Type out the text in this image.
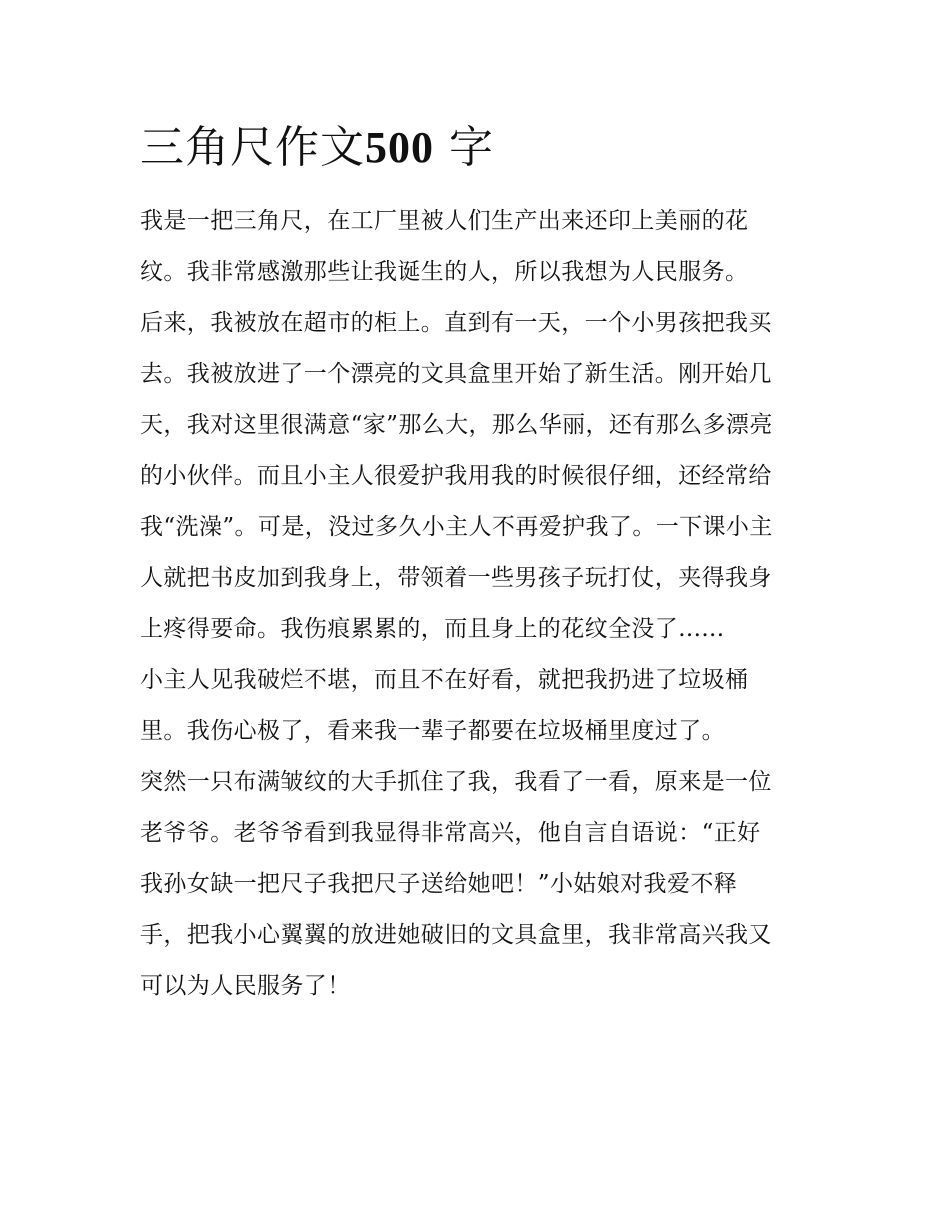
三角尺作文500 字
我是一把三角尺，在工厂里被人们生产出来还印上美丽的花
纹。我非常感激那些让我诞生的人，所以我想为人民服务。
后来，我被放在超市的柜上。直到有一天，一个小男孩把我买
去。我被放进了一个漂亮的文具盒里开始了新生活。刚开始几
天，我对这里很满意“家”那么大，那么华丽，还有那么多漂亮
的小伙伴。而且小主人很爱护我用我的时候很仔细，还经常给
我“洗澡”。可是，没过多久小主人不再爱护我了。一下课小主
人就把书皮加到我身上，带领着一些男孩子玩打仗，夹得我身
上疼得要命。我伤痕累累的，而且身上的花纹全没了......
小主人见我破烂不堪，而且不在好看，就把我扔进了垃圾桶
里。我伤心极了，看来我一辈子都要在垃圾桶里度过了。
突然一只布满皱纹的大手抓住了我，我看了一看，原来是一位
老爷爷。老爷爷看到我显得非常高兴，他自言自语说：“正好
我孙女缺一把尺子我把尺子送给她吧！”小姑娘对我爱不释
手，把我小心翼翼的放进她破旧的文具盒里，我非常高兴我又
可以为人民服务了！
